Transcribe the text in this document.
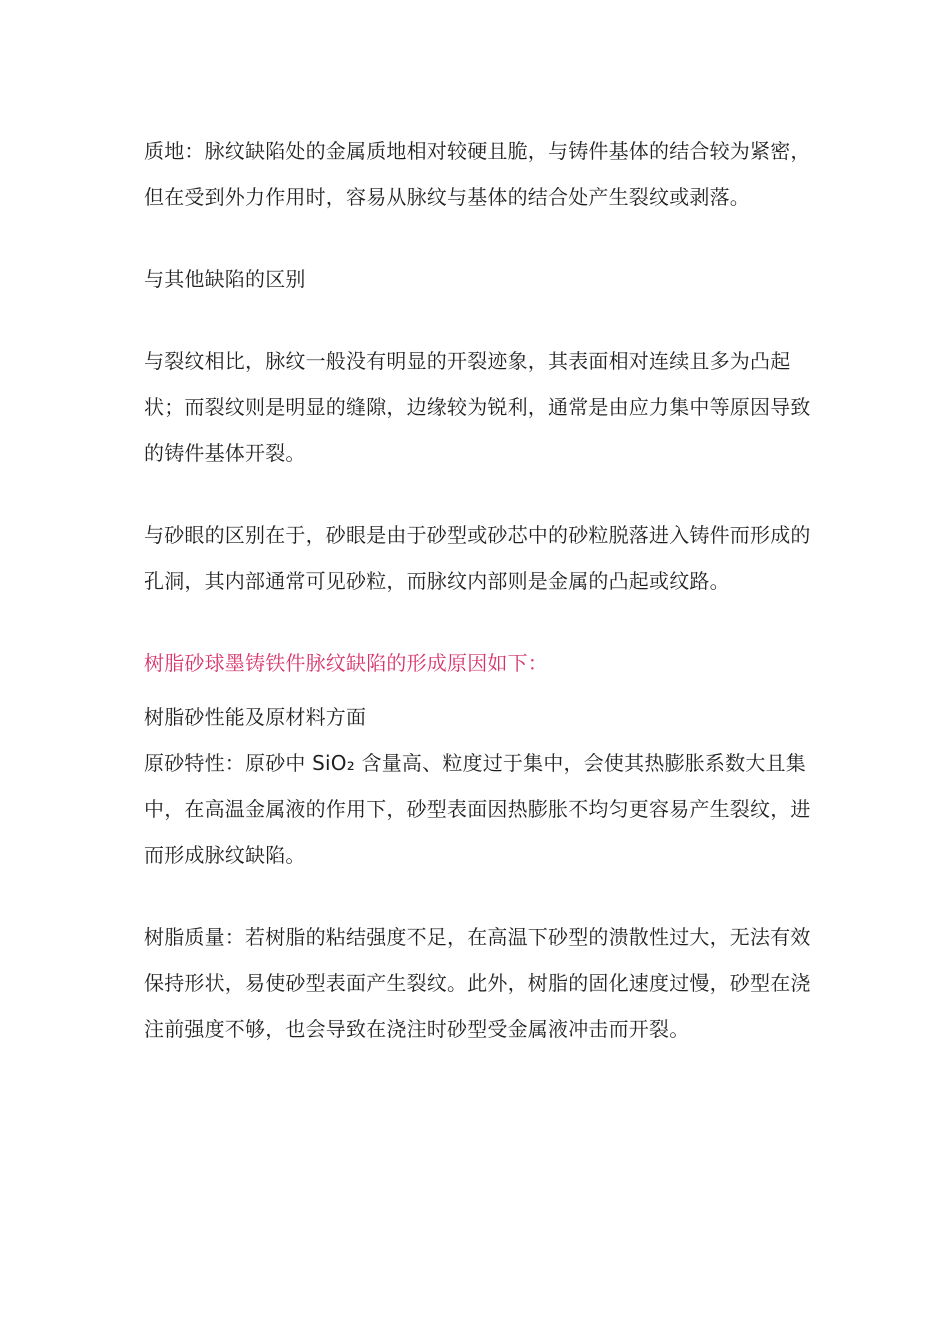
质地：脉纹缺陷处的金属质地相对较硬且脆，与铸件基体的结合较为紧密，但在受到外力作用时，容易从脉纹与基体的结合处产生裂纹或剥落。

与其他缺陷的区别

与裂纹相比，脉纹一般没有明显的开裂迹象，其表面相对连续且多为凸起状；而裂纹则是明显的缝隙，边缘较为锐利，通常是由应力集中等原因导致的铸件基体开裂。

与砂眼的区别在于，砂眼是由于砂型或砂芯中的砂粒脱落进入铸件而形成的孔洞，其内部通常可见砂粒，而脉纹内部则是金属的凸起或纹路。

树脂砂球墨铸铁件脉纹缺陷的形成原因如下：

树脂砂性能及原材料方面

原砂特性：原砂中 SiO₂ 含量高、粒度过于集中，会使其热膨胀系数大且集中，在高温金属液的作用下，砂型表面因热膨胀不均匀更容易产生裂纹，进而形成脉纹缺陷。

树脂质量：若树脂的粘结强度不足，在高温下砂型的溃散性过大，无法有效保持形状，易使砂型表面产生裂纹。此外，树脂的固化速度过慢，砂型在浇注前强度不够，也会导致在浇注时砂型受金属液冲击而开裂。
